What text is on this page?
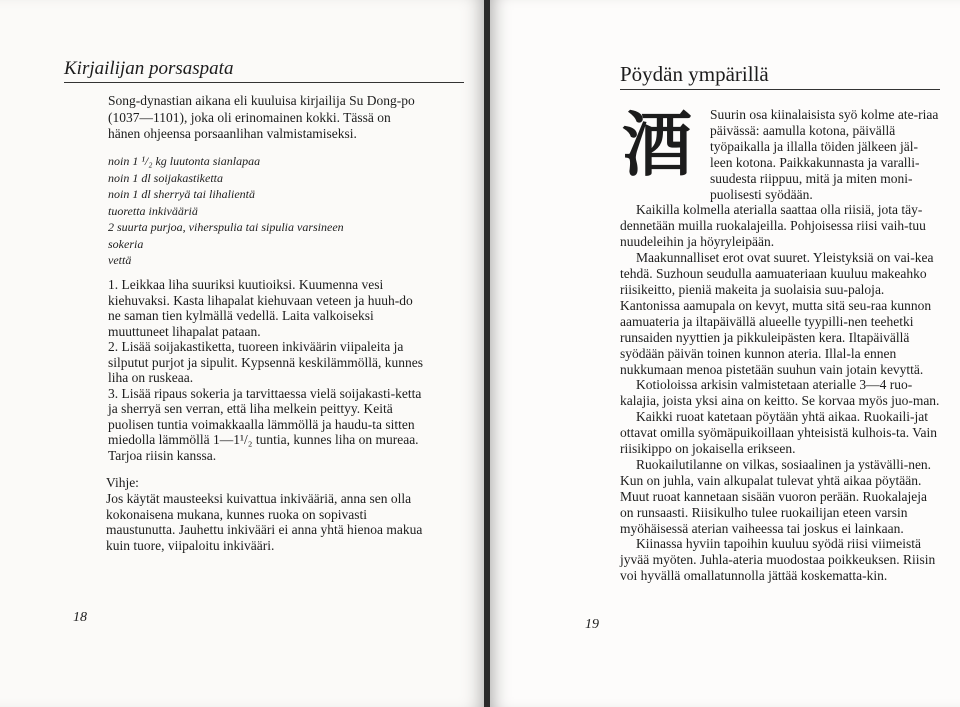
Kirjailijan porsaspata
Song-dynastian aikana eli kuuluisa kirjailija Su Dong-po (1037—1101), joka oli erinomainen kokki. Tässä on hänen ohjeensa porsaanlihan valmistamiseksi.
noin 1 ¹/₂ kg luutonta sianlapaa
noin 1 dl soijakastiketta
noin 1 dl sherryä tai lihalientä
tuoretta inkivääriä
2 suurta purjoa, viherspulia tai sipulia varsineen
sokeria
vettä

1. Leikkaa liha suuriksi kuutioiksi. Kuumenna vesi kiehuvaksi. Kasta lihapalat kiehuvaan veteen ja huuh-do ne saman tien kylmällä vedellä. Laita valkoiseksi muuttuneet lihapalat pataan.

2. Lisää soijakastiketta, tuoreen inkiväärin viipaleita ja silputut purjot ja sipulit. Kypsennä keskilämmöllä, kunnes liha on ruskeaa.

3. Lisää ripaus sokeria ja tarvittaessa vielä soijakasti-ketta ja sherryä sen verran, että liha melkein peittyy. Keitä puolisen tuntia voimakkaalla lämmöllä ja haudu-ta sitten miedolla lämmöllä 1—1¹/₂ tuntia, kunnes liha on mureaa. Tarjoa riisin kanssa.

Vihje:

Jos käytät mausteeksi kuivattua inkivääriä, anna sen olla kokonaisena mukana, kunnes ruoka on sopivasti maustunutta. Jauhettu inkivääri ei anna yhtä hienoa makua kuin tuore, viipaloitu inkivääri.

18
Pöydän ympärillä
酒	Suurin osa kiinalaisista syö kolme ate-riaa päivässä: aamulla kotona, päivällä työpaikalla ja illalla töiden jälkeen jäl-leen kotona. Paikkakunnasta ja varalli-suudesta riippuu, mitä ja miten moni-puolisesti syödään.

Kaikilla kolmella aterialla saattaa olla riisiä, jota täy-dennetään muilla ruokalajeilla. Pohjoisessa riisi vaih-tuu nuudeleihin ja höyryleipään.

Maakunnalliset erot ovat suuret. Yleistyksiä on vai-kea tehdä. Suzhoun seudulla aamuateriaan kuuluu makeahko riisikeitto, pieniä makeita ja suolaisia suu-paloja. Kantonissa aamupala on kevyt, mutta sitä seu-raa kunnon aamuateria ja iltapäivällä alueelle tyypilli-nen teehetki runsaiden nyyttien ja pikkuleipästen kera. Iltapäivällä syödään päivän toinen kunnon ateria. Illal-la ennen nukkumaan menoa pistetään suuhun vain jotain kevyttä.

Kotioloissa arkisin valmistetaan aterialle 3—4 ruo-kalajia, joista yksi aina on keitto. Se korvaa myös juo-man.

Kaikki ruoat katetaan pöytään yhtä aikaa. Ruokaili-jat ottavat omilla syömäpuikoillaan yhteisistä kulhois-ta. Vain riisikippo on jokaisella erikseen.

Ruokailutilanne on vilkas, sosiaalinen ja ystävälli-nen. Kun on juhla, vain alkupalat tulevat yhtä aikaa pöytään. Muut ruoat kannetaan sisään vuoron perään. Ruokalajeja on runsaasti. Riisikulho tulee ruokailijan eteen varsin myöhäisessä aterian vaiheessa tai joskus ei lainkaan.

Kiinassa hyviin tapoihin kuuluu syödä riisi viimeistä jyvää myöten. Juhla-ateria muodostaa poikkeuksen. Riisin voi hyvällä omallatunnolla jättää koskematta-kin.

19
